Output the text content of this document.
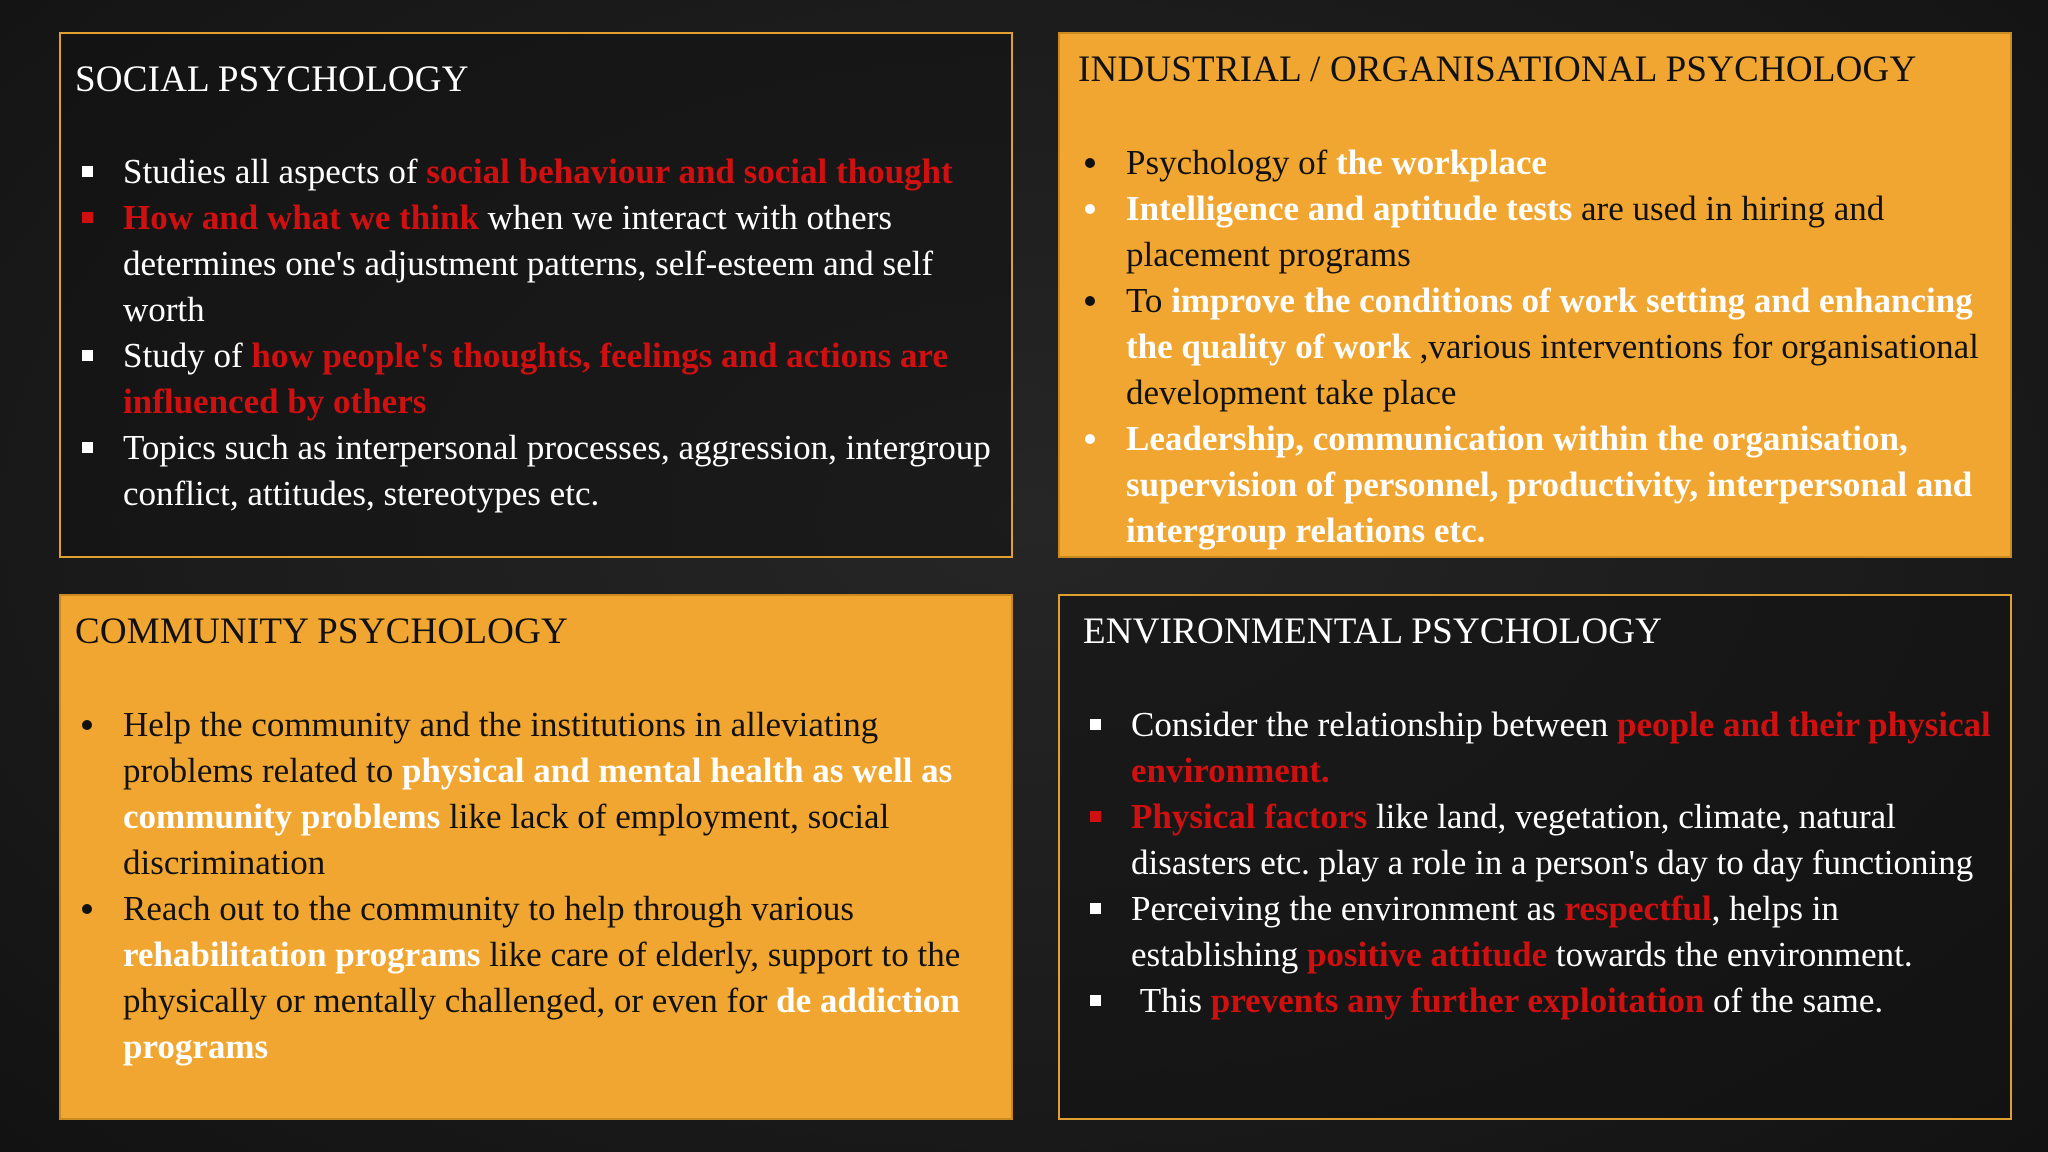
SOCIAL PSYCHOLOGY
Studies all aspects of social behaviour and social thought
How and what we think when we interact with others determines one's adjustment patterns, self-esteem and self worth
Study of how people's thoughts, feelings and actions are influenced by others
Topics such as interpersonal processes, aggression, intergroup conflict, attitudes, stereotypes etc.
INDUSTRIAL / ORGANISATIONAL PSYCHOLOGY
Psychology of the workplace
Intelligence and aptitude tests are used in hiring and placement programs
To improve the conditions of work setting and enhancing the quality of work ,various interventions for organisational development take place
Leadership, communication within the organisation, supervision of personnel, productivity, interpersonal and intergroup relations etc.
COMMUNITY PSYCHOLOGY
Help the community and the institutions in alleviating problems related to physical and mental health as well as community problems like lack of employment, social discrimination
Reach out to the community to help through various rehabilitation programs like care of elderly, support to the physically or mentally challenged, or even for de addiction programs
ENVIRONMENTAL PSYCHOLOGY
Consider the relationship between people and their physical environment.
Physical factors like land, vegetation, climate, natural disasters etc. play a role in a person's day to day functioning
Perceiving the environment as respectful, helps in establishing positive attitude towards the environment.
This prevents any further exploitation of the same.
